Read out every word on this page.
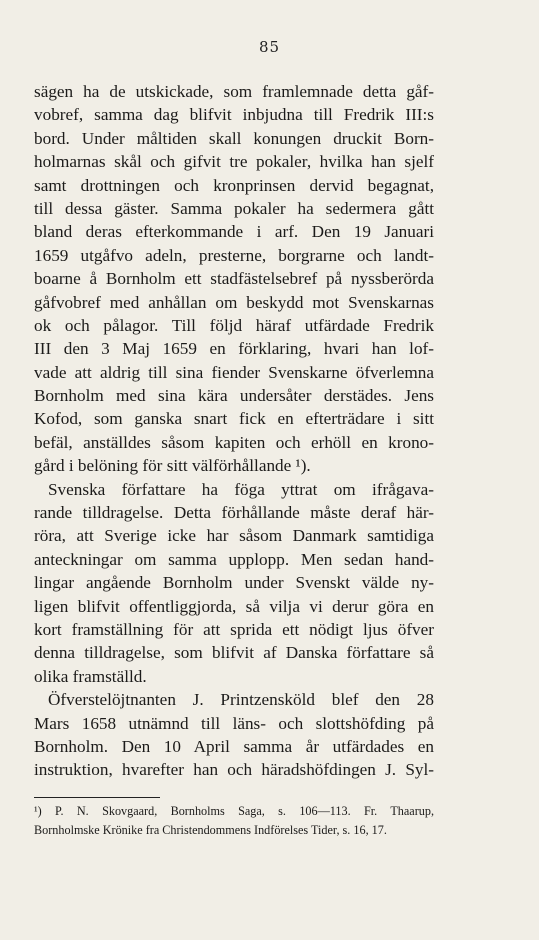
85
sägen ha de utskickade, som framlemnade detta gåf-
vobref, samma dag blifvit inbjudna till Fredrik III:s
bord. Under måltiden skall konungen druckit Born-
holmarnas skål och gifvit tre pokaler, hvilka han sjelf
samt drottningen och kronprinsen dervid begagnat,
till dessa gäster. Samma pokaler ha sedermera gått
bland deras efterkommande i arf. Den 19 Januari
1659 utgåfvo adeln, presterne, borgrarne och landt-
boarne å Bornholm ett stadfästelsebref på nyssberörda
gåfvobref med anhållan om beskydd mot Svenskarnas
ok och pålagor. Till följd häraf utfärdade Fredrik
III den 3 Maj 1659 en förklaring, hvari han lof-
vade att aldrig till sina fiender Svenskarne öfverlemna
Bornholm med sina kära undersåter derstädes. Jens
Kofod, som ganska snart fick en efterträdare i sitt
befäl, anställdes såsom kapiten och erhöll en krono-
gård i belöning för sitt välförhållande ¹).
Svenska författare ha föga yttrat om ifrågava-
rande tilldragelse. Detta förhållande måste deraf här-
röra, att Sverige icke har såsom Danmark samtidiga
anteckningar om samma uppl​opp. Men sedan hand-
lingar angående Bornholm under Svenskt välde ny-
ligen blifvit offentliggjorda, så vilja vi derur göra en
kort framställning för att sprida ett nödigt ljus öfver
denna tilldragelse, som blifvit af Danska författare så
olika framställd.
Öfverstelöjtnanten J. Printzensköld blef den 28
Mars 1658 utnämnd till läns- och slottshöfding på
Bornholm. Den 10 April samma år utfärdades en
instruktion, hvarefter han och häradshöfdingen J. Syl-
¹) P. N. Skovgaard, Bornholms Saga, s. 106—113. Fr. Thaarup,
Bornholmske Krönike fra Christendommens Indförelses Tider, s. 16, 17.
